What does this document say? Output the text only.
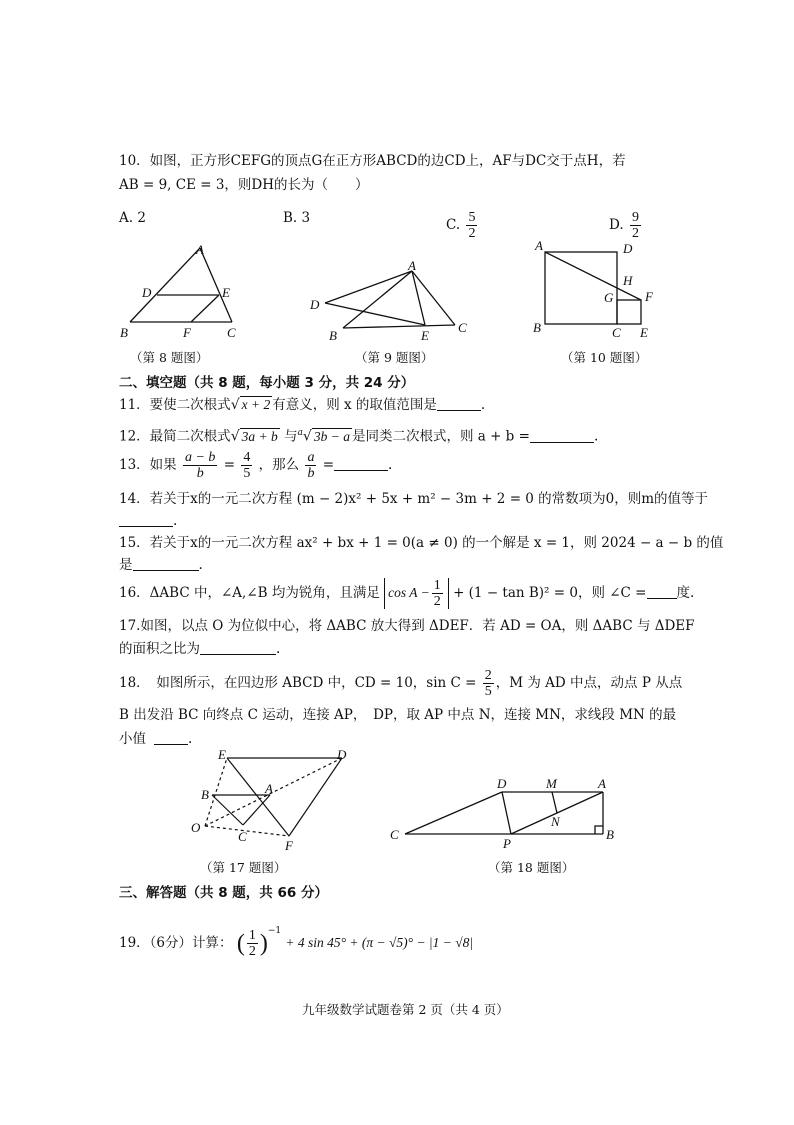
10．如图，正方形CEFG的顶点G在正方形ABCD的边CD上，AF与DC交于点H，若
AB = 9, CE = 3，则DH的长为（　　）
A. 2	B. 3	C. $\frac{5}{2}$	D. $\frac{9}{2}$
A
D	E
B	F	C
（第 8 题图）
A
D
B	E
C
（第 9 题图）
A	D
H
G F
B	C E
（第 10 题图）
二、填空题（共 8 题，每小题 3 分，共 24 分）
11．要使二次根式√ x + 2 有意义，则 x 的取值范围是	.
12．最简二次根式√ 3a + b 与$^a$√ 3b − a 是同类二次根式，则 a + b =	.
13．如果 $\frac{a - b}{b} = \frac{4}{5}$ ，那么 $\frac{a}{b}$ =	.
14．若关于x的一元二次方程 (m − 2)x² + 5x + m² − 3m + 2 = 0 的常数项为0，则m的值等于
.
15．若关于x的一元二次方程 ax² + bx + 1 = 0(a ≠ 0) 的一个解是 x = 1，则 2024 − a − b 的值
是	.
16．ΔABC 中，∠A,∠B 均为锐角，且满足 $\cos A - \frac{1}{2} + (1 - \tan B)^2 = 0$，则 ∠C = 度.
17.如图，以点 O 为位似中心，将 ΔABC 放大得到 ΔDEF．若 AD = OA，则 ΔABC 与 ΔDEF
的面积之比为	.
18．　如图所示，在四边形 ABCD 中，CD = 10，$\sin C = \frac{2}{5}$ ，M 为 AD 中点，动点 P 从点
B 出发沿 BC 向终点 C 运动，连接 AP，　DP，取 AP 中点 N，连接 MN，求线段 MN 的最
小值	.
E	D
B	A
O
C
F
（第 17 题图）
D	M	A
N
C
P
B
（第 18 题图）
三、解答题（共 8 题，共 66 分）
19．（6分）计算： ( $\frac{1}{2} )^{-1} + 4$ sin 45° + (π − √5)° − |1 − √8|
九年级数学试题卷第 2 页（共 4 页）
